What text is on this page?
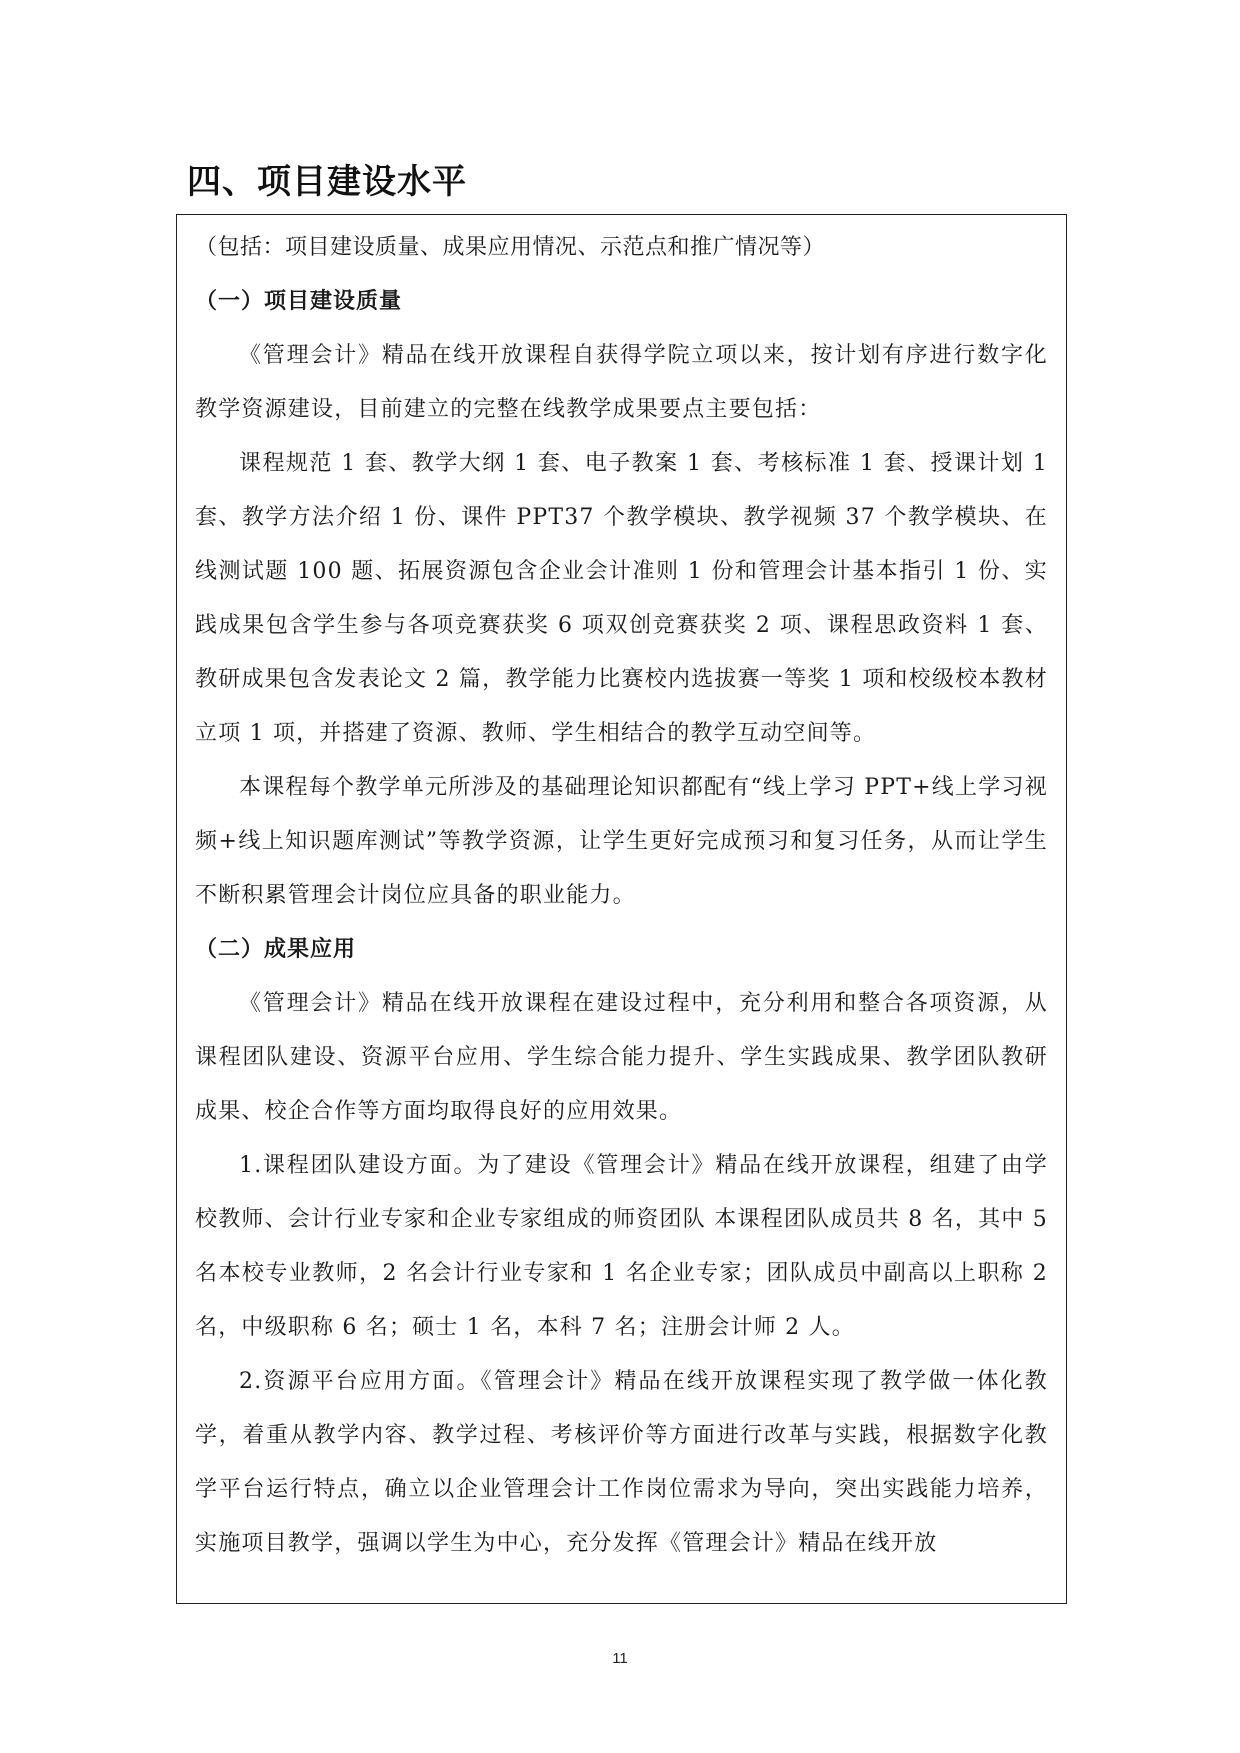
四、项目建设水平

（包括：项目建设质量、成果应用情况、示范点和推广情况等）

（一）项目建设质量

《管理会计》精品在线开放课程自获得学院立项以来，按计划有序进行数字化教学资源建设，目前建立的完整在线教学成果要点主要包括：

课程规范 1 套、教学大纲 1 套、电子教案 1 套、考核标准 1 套、授课计划 1 套、教学方法介绍 1 份、课件 PPT37 个教学模块、教学视频 37 个教学模块、在线测试题 100 题、拓展资源包含企业会计准则 1 份和管理会计基本指引 1 份、实践成果包含学生参与各项竞赛获奖 6 项双创竞赛获奖 2 项、课程思政资料 1 套、教研成果包含发表论文 2 篇，教学能力比赛校内选拔赛一等奖 1 项和校级校本教材立项 1 项，并搭建了资源、教师、学生相结合的教学互动空间等。

本课程每个教学单元所涉及的基础理论知识都配有“线上学习 PPT+线上学习视频+线上知识题库测试”等教学资源，让学生更好完成预习和复习任务，从而让学生不断积累管理会计岗位应具备的职业能力。

（二）成果应用

《管理会计》精品在线开放课程在建设过程中，充分利用和整合各项资源，从课程团队建设、资源平台应用、学生综合能力提升、学生实践成果、教学团队教研成果、校企合作等方面均取得良好的应用效果。

1.课程团队建设方面。为了建设《管理会计》精品在线开放课程，组建了由学校教师、会计行业专家和企业专家组成的师资团队 本课程团队成员共 8 名，其中 5 名本校专业教师，2 名会计行业专家和 1 名企业专家；团队成员中副高以上职称 2 名，中级职称 6 名；硕士 1 名，本科 7 名；注册会计师 2 人。

2.资源平台应用方面。《管理会计》精品在线开放课程实现了教学做一体化教学，着重从教学内容、教学过程、考核评价等方面进行改革与实践，根据数字化教学平台运行特点，确立以企业管理会计工作岗位需求为导向，突出实践能力培养，实施项目教学，强调以学生为中心，充分发挥《管理会计》精品在线开放

11
